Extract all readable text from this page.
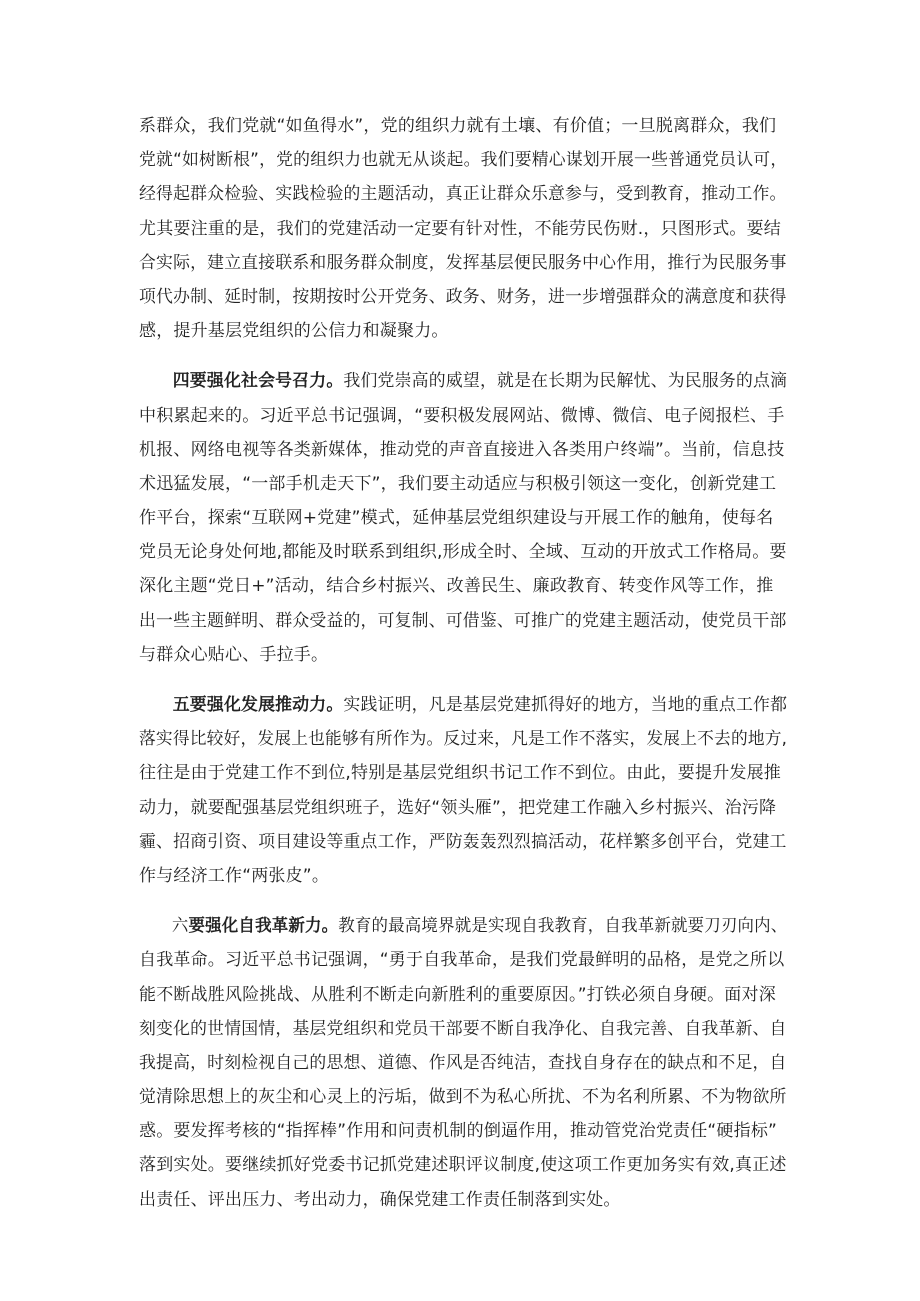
系群众，我们党就“如鱼得水”，党的组织力就有土壤、有价值；一旦脱离群众，我们
党就“如树断根”，党的组织力也就无从谈起。我们要精心谋划开展一些普通党员认可，
经得起群众检验、实践检验的主题活动，真正让群众乐意参与，受到教育，推动工作。
尤其要注重的是，我们的党建活动一定要有针对性，不能劳民伤财.，只图形式。要结
合实际，建立直接联系和服务群众制度，发挥基层便民服务中心作用，推行为民服务事
项代办制、延时制，按期按时公开党务、政务、财务，进一步增强群众的满意度和获得
感，提升基层党组织的公信力和凝聚力。
四要强化社会号召力。我们党崇高的威望，就是在长期为民解忧、为民服务的点滴
中积累起来的。习近平总书记强调，“要积极发展网站、微博、微信、电子阅报栏、手
机报、网络电视等各类新媒体，推动党的声音直接进入各类用户终端”。当前，信息技
术迅猛发展，“一部手机走天下”，我们要主动适应与积极引领这一变化，创新党建工
作平台，探索“互联网+党建”模式，延伸基层党组织建设与开展工作的触角，使每名
党员无论身处何地,都能及时联系到组织,形成全时、全域、互动的开放式工作格局。要
深化主题“党日+”活动，结合乡村振兴、改善民生、廉政教育、转变作风等工作，推
出一些主题鲜明、群众受益的，可复制、可借鉴、可推广的党建主题活动，使党员干部
与群众心贴心、手拉手。
五要强化发展推动力。实践证明，凡是基层党建抓得好的地方，当地的重点工作都
落实得比较好，发展上也能够有所作为。反过来，凡是工作不落实，发展上不去的地方,
往往是由于党建工作不到位,特别是基层党组织书记工作不到位。由此，要提升发展推
动力，就要配强基层党组织班子，选好“领头雁”，把党建工作融入乡村振兴、治污降
霾、招商引资、项目建设等重点工作，严防轰轰烈烈搞活动，花样繁多创平台，党建工
作与经济工作“两张皮”。
六要强化自我革新力。教育的最高境界就是实现自我教育，自我革新就要刀刃向内、
自我革命。习近平总书记强调，“勇于自我革命，是我们党最鲜明的品格，是党之所以
能不断战胜风险挑战、从胜利不断走向新胜利的重要原因。”打铁必须自身硬。面对深
刻变化的世情国情，基层党组织和党员干部要不断自我净化、自我完善、自我革新、自
我提高，时刻检视自己的思想、道德、作风是否纯洁，查找自身存在的缺点和不足，自
觉清除思想上的灰尘和心灵上的污垢，做到不为私心所扰、不为名利所累、不为物欲所
惑。要发挥考核的“指挥棒”作用和问责机制的倒逼作用，推动管党治党责任“硬指标”
落到实处。要继续抓好党委书记抓党建述职评议制度,使这项工作更加务实有效,真正述
出责任、评出压力、考出动力，确保党建工作责任制落到实处。
